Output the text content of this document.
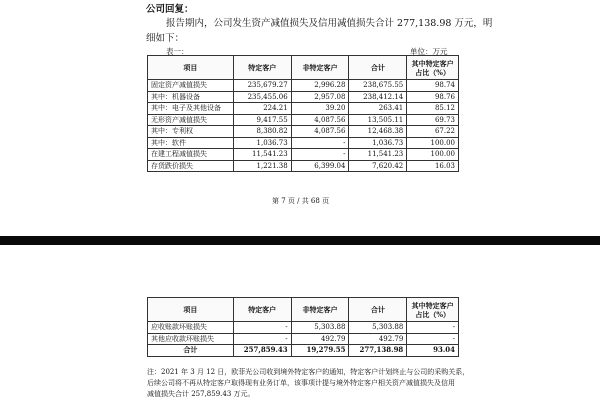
公司回复：
报告期内，公司发生资产减值损失及信用减值损失合计 277,138.98 万元，明
细如下：
表一：	单位：万元
项目	特定客户	非特定客户	合计	其中特定客户占比（%）
固定资产减值损失	235,679.27	2,996.28	238,675.55	98.74
其中：机器设备	235,455.06	2,957.08	238,412.14	98.76
其中：电子及其他设备	224.21	39.20	263.41	85.12
无形资产减值损失	9,417.55	4,087.56	13,505.11	69.73
其中：专利权	8,380.82	4,087.56	12,468.38	67.22
其中：软件	1,036.73	-	1,036.73	100.00
在建工程减值损失	11,541.23	-	11,541.23	100.00
存货跌价损失	1,221.38	6,399.04	7,620.42	16.03
第 7 页 / 共 68 页
项目	特定客户	非特定客户	合计	其中特定客户占比（%）
应收账款坏账损失	-	5,303.88	5,303.88	-
其他应收款坏账损失	-	492.79	492.79	-
合计	257,859.43	19,279.55	277,138.98	93.04
注：2021 年 3 月 12 日，欧菲光公司收到境外特定客户的通知，特定客户计划终止与公司的采购关系，
后续公司将不再从特定客户取得现有业务订单，该事项计提与境外特定客户相关资产减值损失及信用
减值损失合计 257,859.43 万元。
